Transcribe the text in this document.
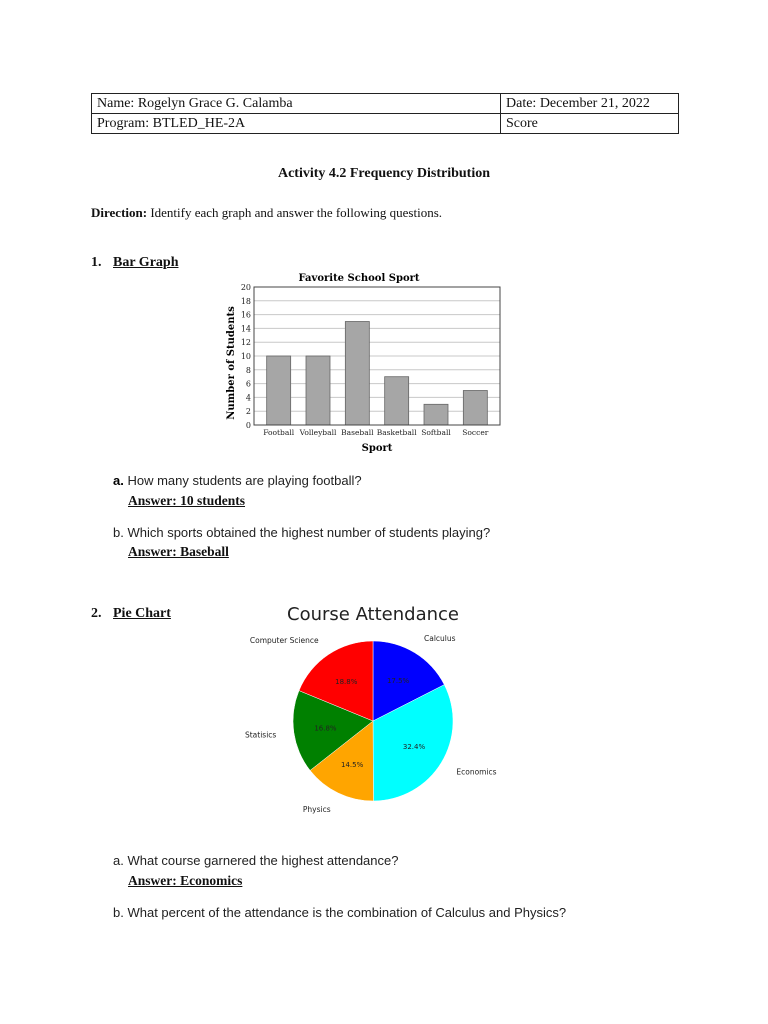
Name: Rogelyn Grace G. Calamba	Date: December 21, 2022
Program: BTLED_HE-2A	Score
Activity 4.2 Frequency Distribution
Direction: Identify each graph and answer the following questions.
1. Bar Graph
Favorite School Sport
Number of Students
Sport
0
2
4
6
8
10
12
14
16
18
20
Football Volleyball Baseball Basketball Softball Soccer
a. How many students are playing football?
Answer: 10 students
b. Which sports obtained the highest number of students playing?
Answer: Baseball
2. Pie Chart	Course Attendance
17.5%
Calculus
32.4%
Economics
14.5%
Physics
16.8%
Statisics
18.8%
Computer Science
a. What course garnered the highest attendance?
Answer: Economics
b. What percent of the attendance is the combination of Calculus and Physics?
